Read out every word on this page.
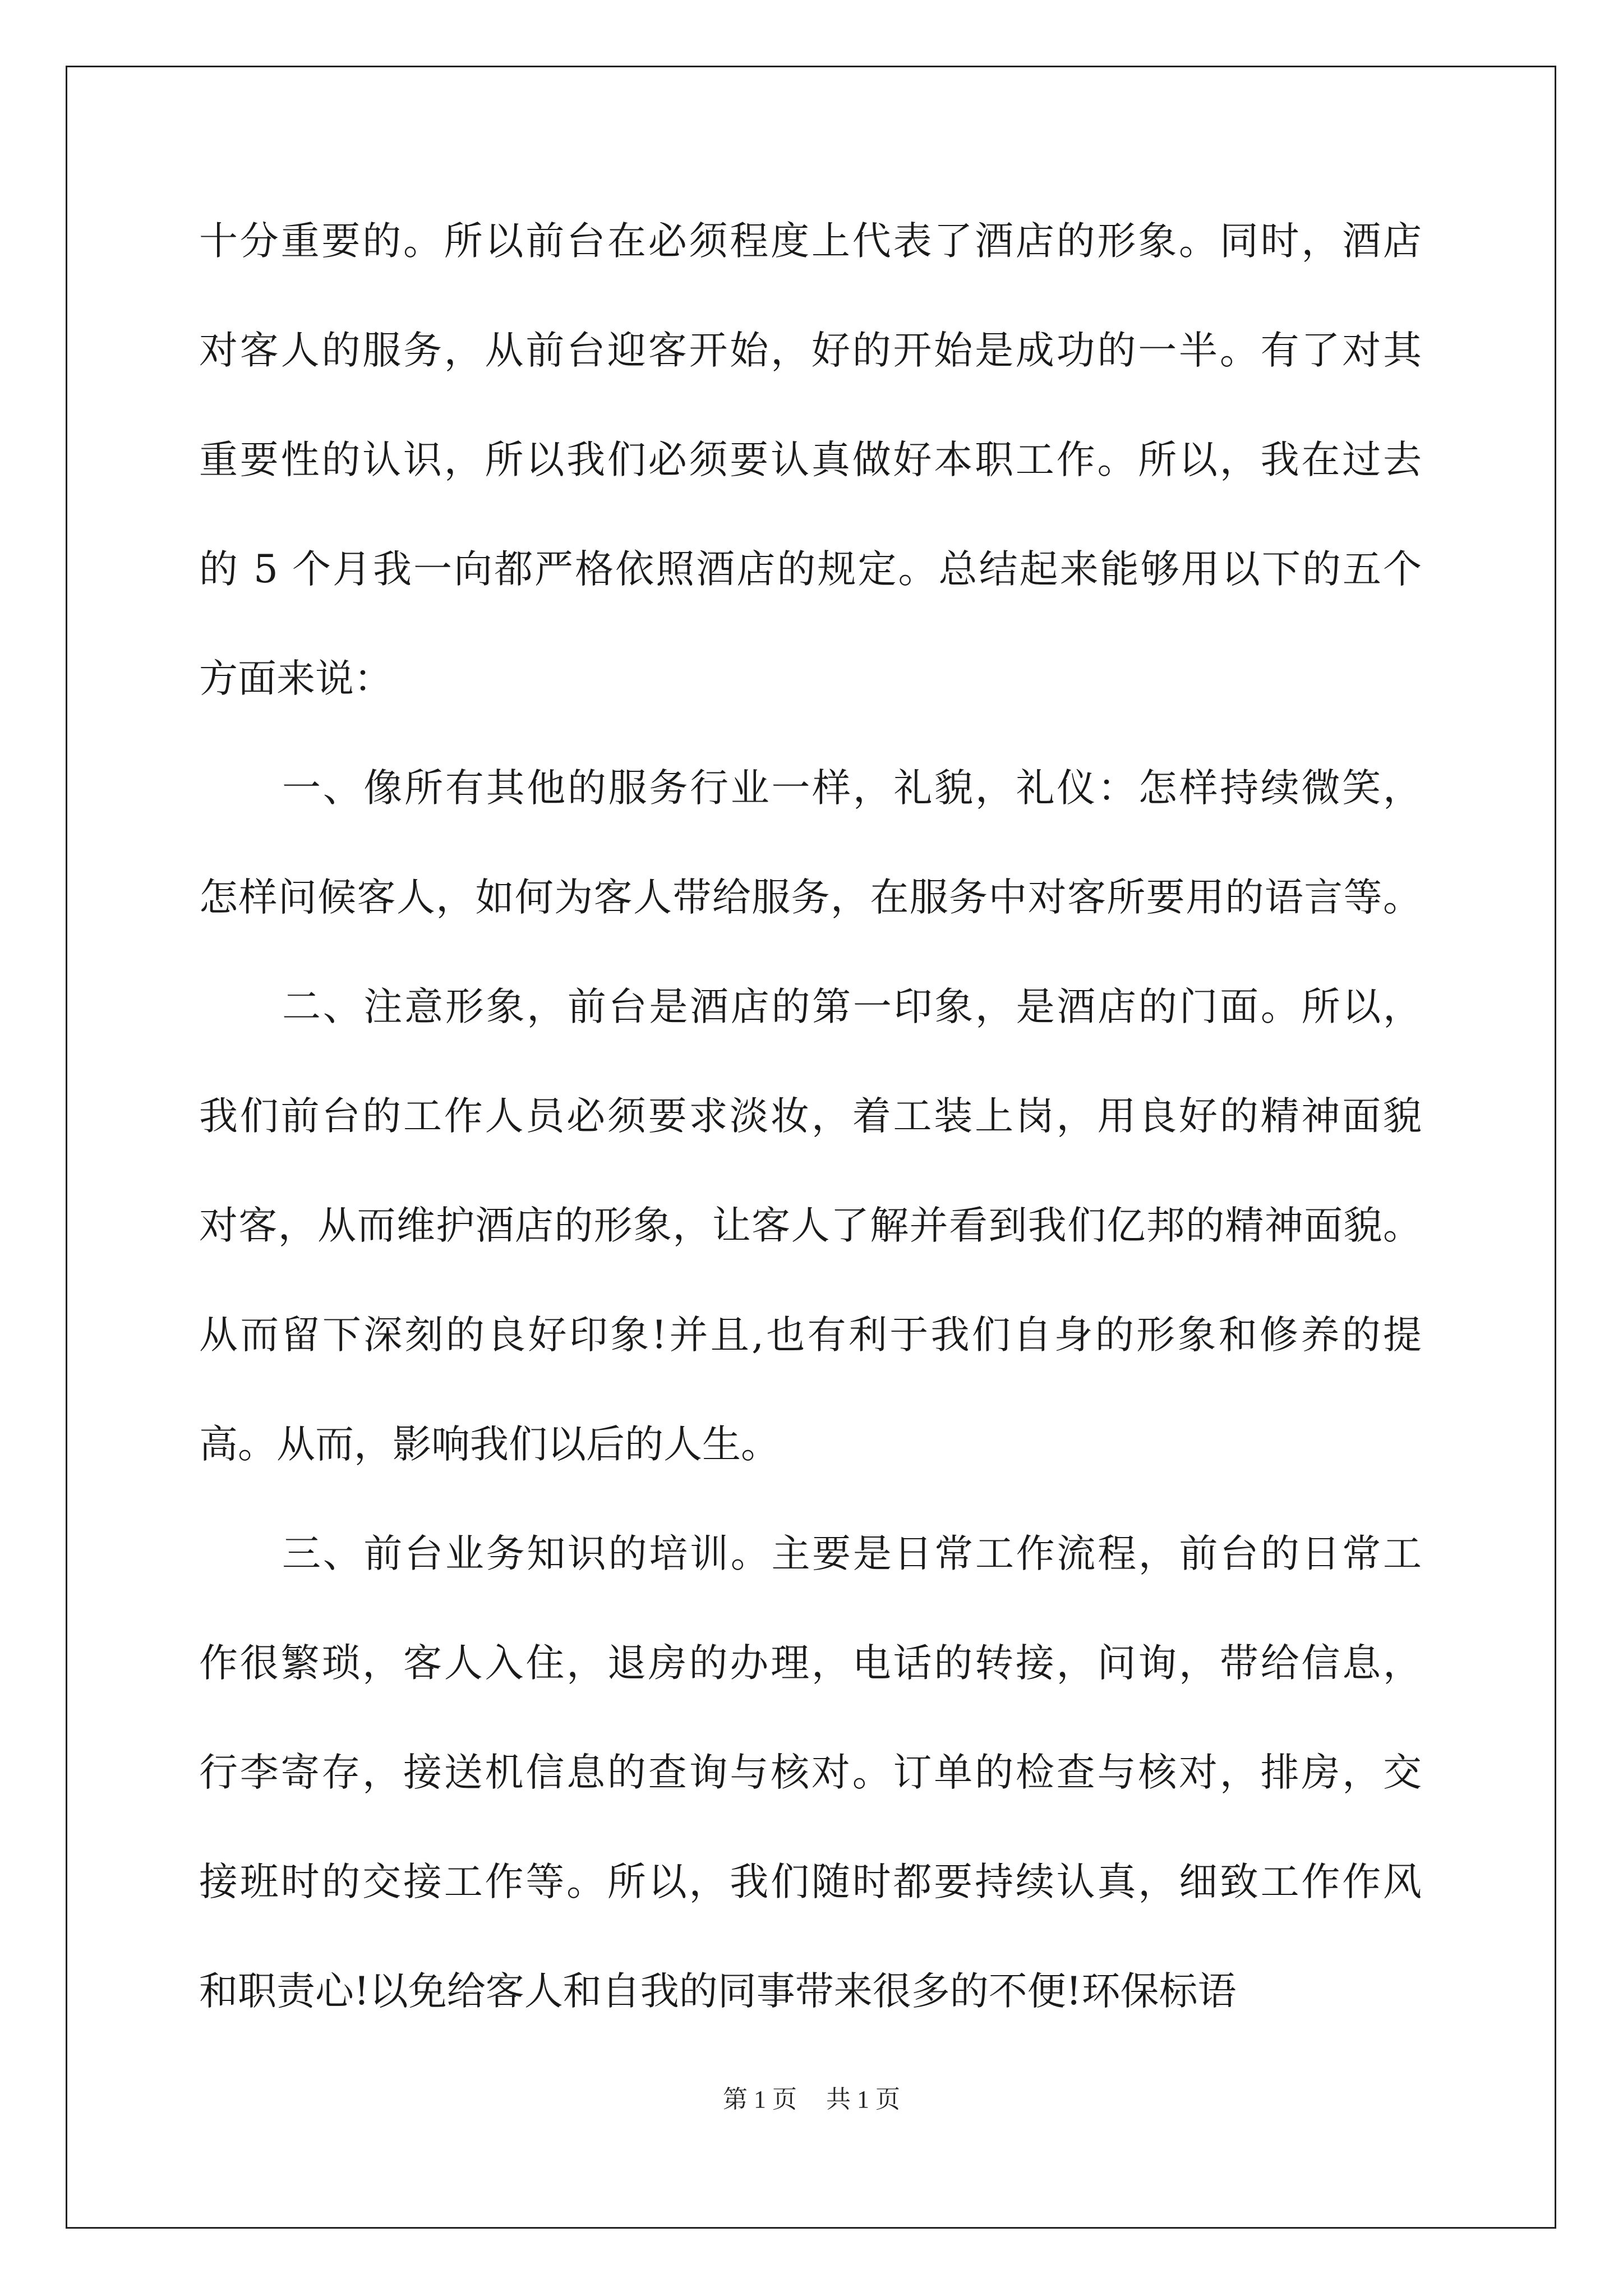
十分重要的。所以前台在必须程度上代表了酒店的形象。同时，酒店
对客人的服务，从前台迎客开始，好的开始是成功的一半。有了对其
重要性的认识，所以我们必须要认真做好本职工作。所以，我在过去
的 5 个月我一向都严格依照酒店的规定。总结起来能够用以下的五个
方面来说：
一、像所有其他的服务行业一样，礼貌，礼仪：怎样持续微笑，
怎样问候客人，如何为客人带给服务，在服务中对客所要用的语言等。
二、注意形象，前台是酒店的第一印象，是酒店的门面。所以，
我们前台的工作人员必须要求淡妆，着工装上岗，用良好的精神面貌
对客，从而维护酒店的形象，让客人了解并看到我们亿邦的精神面貌。
从而留下深刻的良好印象!并且,也有利于我们自身的形象和修养的提
高。从而，影响我们以后的人生。
三、前台业务知识的培训。主要是日常工作流程，前台的日常工
作很繁琐，客人入住，退房的办理，电话的转接，问询，带给信息，
行李寄存，接送机信息的查询与核对。订单的检查与核对，排房，交
接班时的交接工作等。所以，我们随时都要持续认真，细致工作作风
和职责心!以免给客人和自我的同事带来很多的不便!环保标语
第 1 页 共 1 页
